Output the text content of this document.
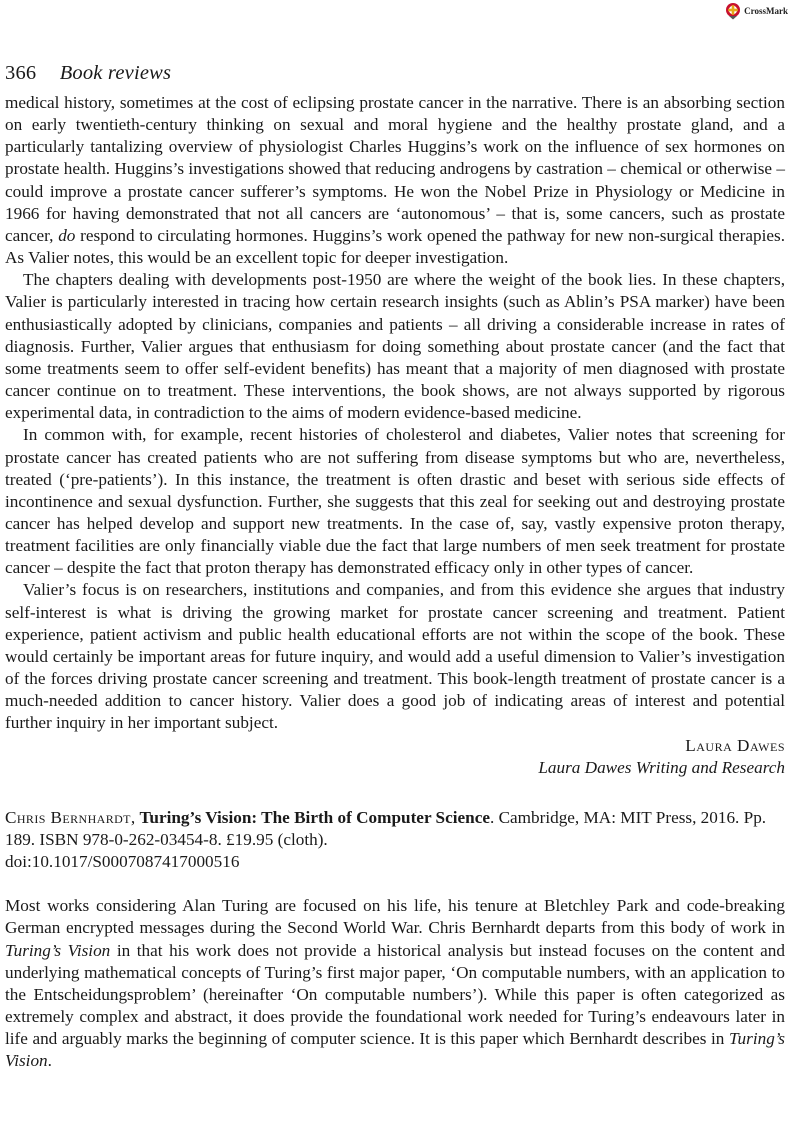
CrossMark
366 Book reviews

medical history, sometimes at the cost of eclipsing prostate cancer in the narrative. There is an absorbing section on early twentieth-century thinking on sexual and moral hygiene and the healthy prostate gland, and a particularly tantalizing overview of physiologist Charles Huggins’s work on the influence of sex hormones on prostate health. Huggins’s investigations showed that reducing androgens by castration – chemical or otherwise – could improve a prostate cancer sufferer’s symptoms. He won the Nobel Prize in Physiology or Medicine in 1966 for having demonstrated that not all cancers are ‘autonomous’ – that is, some cancers, such as prostate cancer, do respond to circulating hormones. Huggins’s work opened the pathway for new non-surgical therapies. As Valier notes, this would be an excellent topic for deeper investigation.

The chapters dealing with developments post-1950 are where the weight of the book lies. In these chapters, Valier is particularly interested in tracing how certain research insights (such as Ablin’s PSA marker) have been enthusiastically adopted by clinicians, companies and patients – all driving a considerable increase in rates of diagnosis. Further, Valier argues that enthusiasm for doing something about prostate cancer (and the fact that some treatments seem to offer self-evident benefits) has meant that a majority of men diagnosed with prostate cancer continue on to treatment. These interventions, the book shows, are not always supported by rigorous experimental data, in contradiction to the aims of modern evidence-based medicine.

In common with, for example, recent histories of cholesterol and diabetes, Valier notes that screening for prostate cancer has created patients who are not suffering from disease symptoms but who are, nevertheless, treated (‘pre-patients’). In this instance, the treatment is often drastic and beset with serious side effects of incontinence and sexual dysfunction. Further, she suggests that this zeal for seeking out and destroying prostate cancer has helped develop and support new treatments. In the case of, say, vastly expensive proton therapy, treatment facilities are only financially viable due the fact that large numbers of men seek treatment for prostate cancer – despite the fact that proton therapy has demonstrated efficacy only in other types of cancer.

Valier’s focus is on researchers, institutions and companies, and from this evidence she argues that industry self-interest is what is driving the growing market for prostate cancer screening and treatment. Patient experience, patient activism and public health educational efforts are not within the scope of the book. These would certainly be important areas for future inquiry, and would add a useful dimension to Valier’s investigation of the forces driving prostate cancer screening and treatment. This book-length treatment of prostate cancer is a much-needed addition to cancer history. Valier does a good job of indicating areas of interest and potential further inquiry in her important subject.

Laura Dawes
Laura Dawes Writing and Research

Chris Bernhardt, Turing’s Vision: The Birth of Computer Science. Cambridge, MA: MIT Press, 2016. Pp. 189. ISBN 978-0-262-03454-8. £19.95 (cloth).
doi:10.1017/S0007087417000516

Most works considering Alan Turing are focused on his life, his tenure at Bletchley Park and code-breaking German encrypted messages during the Second World War. Chris Bernhardt departs from this body of work in Turing’s Vision in that his work does not provide a historical analysis but instead focuses on the content and underlying mathematical concepts of Turing’s first major paper, ‘On computable numbers, with an application to the Entscheidungsproblem’ (hereinafter ‘On computable numbers’). While this paper is often categorized as extremely complex and abstract, it does provide the foundational work needed for Turing’s endeavours later in life and arguably marks the beginning of computer science. It is this paper which Bernhardt describes in Turing’s Vision.
